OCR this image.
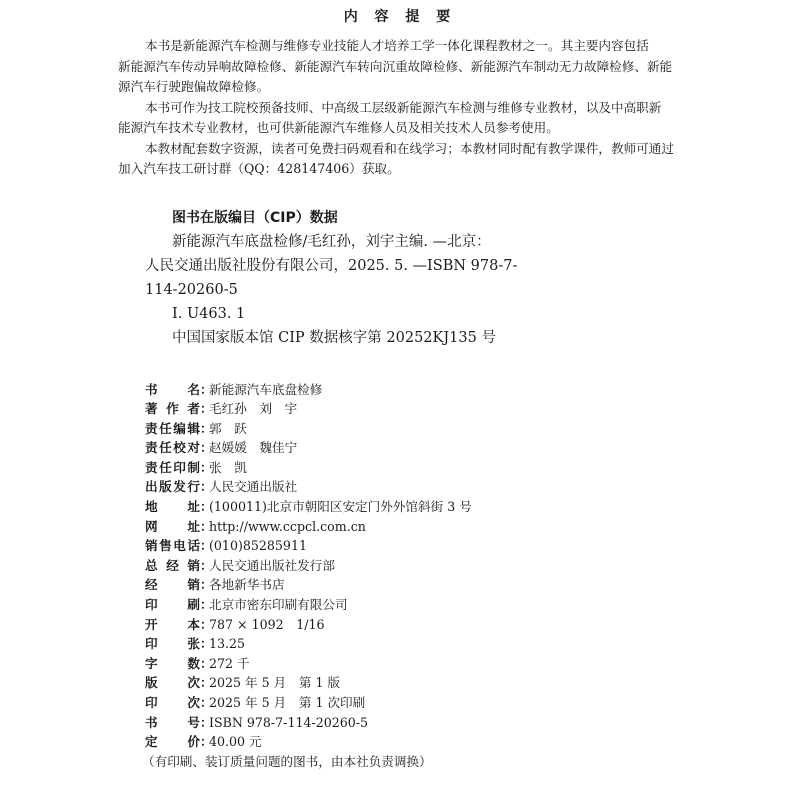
内 容 提 要
本书是新能源汽车检测与维修专业技能人才培养工学一体化课程教材之一。其主要内容包括
新能源汽车传动异响故障检修、新能源汽车转向沉重故障检修、新能源汽车制动无力故障检修、新能
源汽车行驶跑偏故障检修。
本书可作为技工院校预备技师、中高级工层级新能源汽车检测与维修专业教材，以及中高职新
能源汽车技术专业教材，也可供新能源汽车维修人员及相关技术人员参考使用。
本教材配套数字资源，读者可免费扫码观看和在线学习；本教材同时配有教学课件，教师可通过
加入汽车技工研讨群（QQ：428147406）获取。
图书在版编目（CIP）数据
新能源汽车底盘检修/毛红孙，刘宇主编. —北京：
人民交通出版社股份有限公司，2025. 5. —ISBN 978-7-
114-20260-5
Ⅰ. U463. 1
中国国家版本馆 CIP 数据核字第 20252KJ135 号
书名 ：
新能源汽车底盘检修
著作者 ：
毛红孙　刘　宇
责任编辑 ：
郭　跃
责任校对 ：
赵媛媛　魏佳宁
责任印制 ：
张　凯
出版发行 ：
人民交通出版社
地址 ：
(100011)北京市朝阳区安定门外外馆斜街 3 号
网址 ：
http://www.ccpcl.com.cn
销售电话 ：
(010)85285911
总经销 ：
人民交通出版社发行部
经销 ：
各地新华书店
印刷 ：
北京市密东印刷有限公司
开本 ：
787 × 1092　1/16
印张 ：
13.25
字数 ：
272 千
版次 ：
2025 年 5 月　第 1 版
印次 ：
2025 年 5 月　第 1 次印刷
书号 ：
ISBN 978-7-114-20260-5
定价 ：
40.00 元
（有印刷、装订质量问题的图书，由本社负责调换）
